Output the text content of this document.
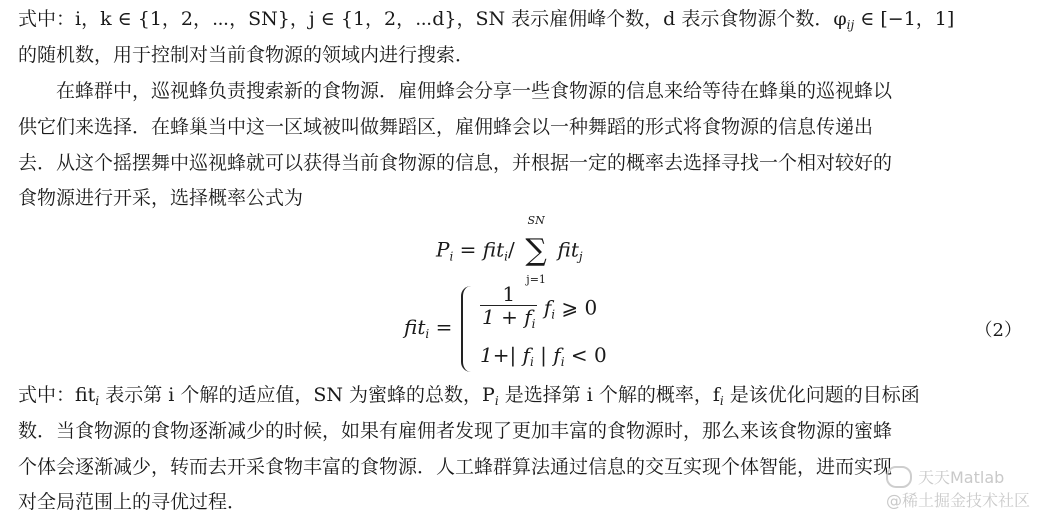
式中：i，k ∈ {1，2，⋯，SN}，j ∈ {1，2，⋯d}，SN 表示雇佣峰个数，d 表示食物源个数．$\varphi_{ij}$ ∈ [−1，1]
的随机数，用于控制对当前食物源的领域内进行搜索．
在蜂群中，巡视蜂负责搜索新的食物源．雇佣蜂会分享一些食物源的信息来给等待在蜂巢的巡视蜂以
供它们来选择．在蜂巢当中这一区域被叫做舞蹈区，雇佣蜂会以一种舞蹈的形式将食物源的信息传递出
去．从这个摇摆舞中巡视蜂就可以获得当前食物源的信息，并根据一定的概率去选择寻找一个相对较好的
食物源进行开采，选择概率公式为
$P_i = fit_i/$
SN
∑
j=1
fit$_j$
$fit_i = \frac{1}{1 + f_i} f_i$ ⩾ 0
1+| $f_i$ | $f_i < 0$
（2）
式中：fit$_i$ 表示第 i 个解的适应值，SN 为蜜蜂的总数，$P_i$ 是选择第 i 个解的概率，$f_i$ 是该优化问题的目标函
数．当食物源的食物逐渐减少的时候，如果有雇佣者发现了更加丰富的食物源时，那么来该食物源的蜜蜂
个体会逐渐减少，转而去开采食物丰富的食物源．人工蜂群算法通过信息的交互实现个体智能，进而实现
对全局范围上的寻优过程．
天天Matlab
@稀土掘金技术社区
